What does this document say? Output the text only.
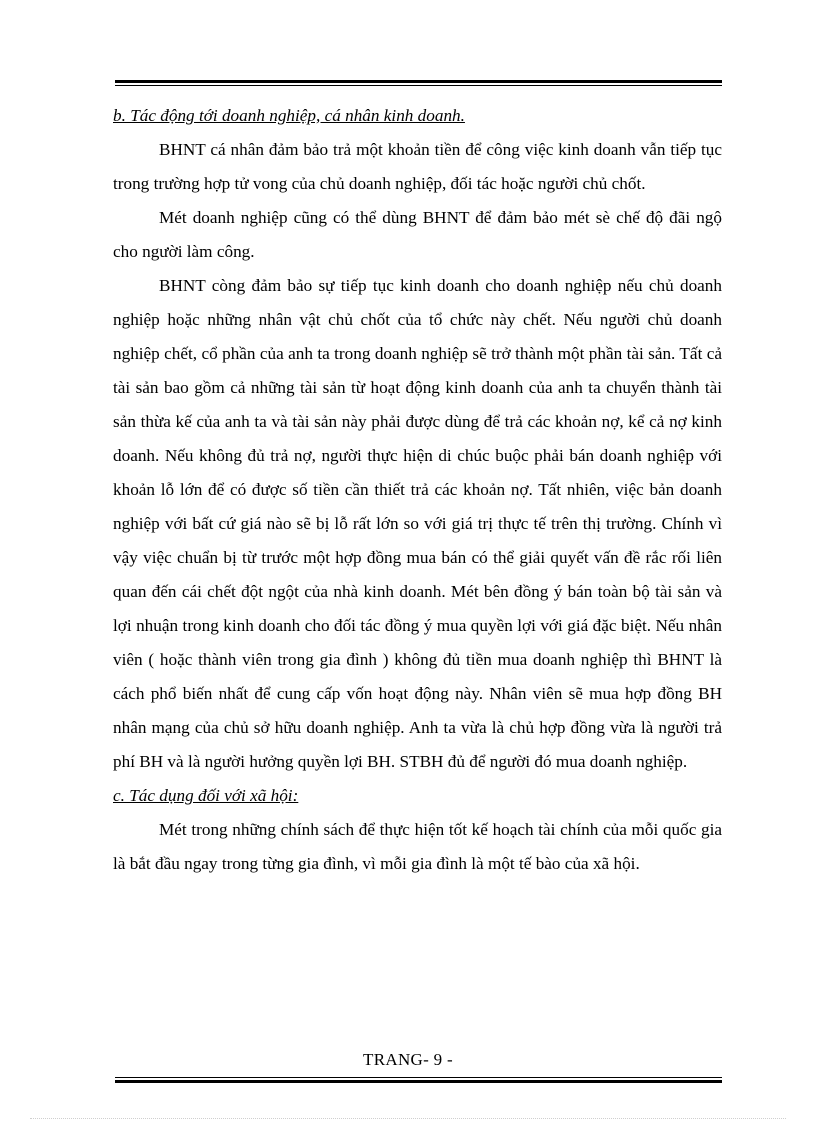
b. Tác động tới doanh nghiệp, cá nhân kinh doanh.

BHNT cá nhân đảm bảo trả một khoản tiền để công việc kinh doanh vẫn tiếp tục trong trường hợp tử vong của chủ doanh nghiệp, đối tác hoặc người chủ chốt.

Mét doanh nghiệp cũng có thể dùng BHNT để đảm bảo mét sè chế độ đãi ngộ cho người làm công.

BHNT còng đảm bảo sự tiếp tục kinh doanh cho doanh nghiệp nếu chủ doanh nghiệp hoặc những nhân vật chủ chốt của tổ chức này chết. Nếu người chủ doanh nghiệp chết, cổ phần của anh ta trong doanh nghiệp sẽ trở thành một phần tài sản. Tất cả tài sản bao gồm cả những tài sản từ hoạt động kinh doanh của anh ta chuyển thành tài sản thừa kế của anh ta và tài sản này phải được dùng để trả các khoản nợ, kể cả nợ kinh doanh. Nếu không đủ trả nợ, người thực hiện di chúc buộc phải bán doanh nghiệp với khoản lỗ lớn để có được số tiền cần thiết trả các khoản nợ. Tất nhiên, việc bản doanh nghiệp với bất cứ giá nào sẽ bị lỗ rất lớn so với giá trị thực tế trên thị trường. Chính vì vậy việc chuẩn bị từ trước một hợp đồng mua bán có thể giải quyết vấn đề rắc rối liên quan đến cái chết đột ngột của nhà kinh doanh. Mét bên đồng ý bán toàn bộ tài sản và lợi nhuận trong kinh doanh cho đối tác đồng ý mua quyền lợi với giá đặc biệt. Nếu nhân viên ( hoặc thành viên trong gia đình ) không đủ tiền mua doanh nghiệp thì BHNT là cách phổ biến nhất để cung cấp vốn hoạt động này. Nhân viên sẽ mua hợp đồng BH nhân mạng của chủ sở hữu doanh nghiệp. Anh ta vừa là chủ hợp đồng vừa là người trả phí BH và là người hưởng quyền lợi BH. STBH đủ để người đó mua doanh nghiệp.

c. Tác dụng đối với xã hội:

Mét trong những chính sách để thực hiện tốt kế hoạch tài chính của mỗi quốc gia là bắt đầu ngay trong từng gia đình, vì mỗi gia đình là một tế bào của xã hội.

TRANG- 9 -
